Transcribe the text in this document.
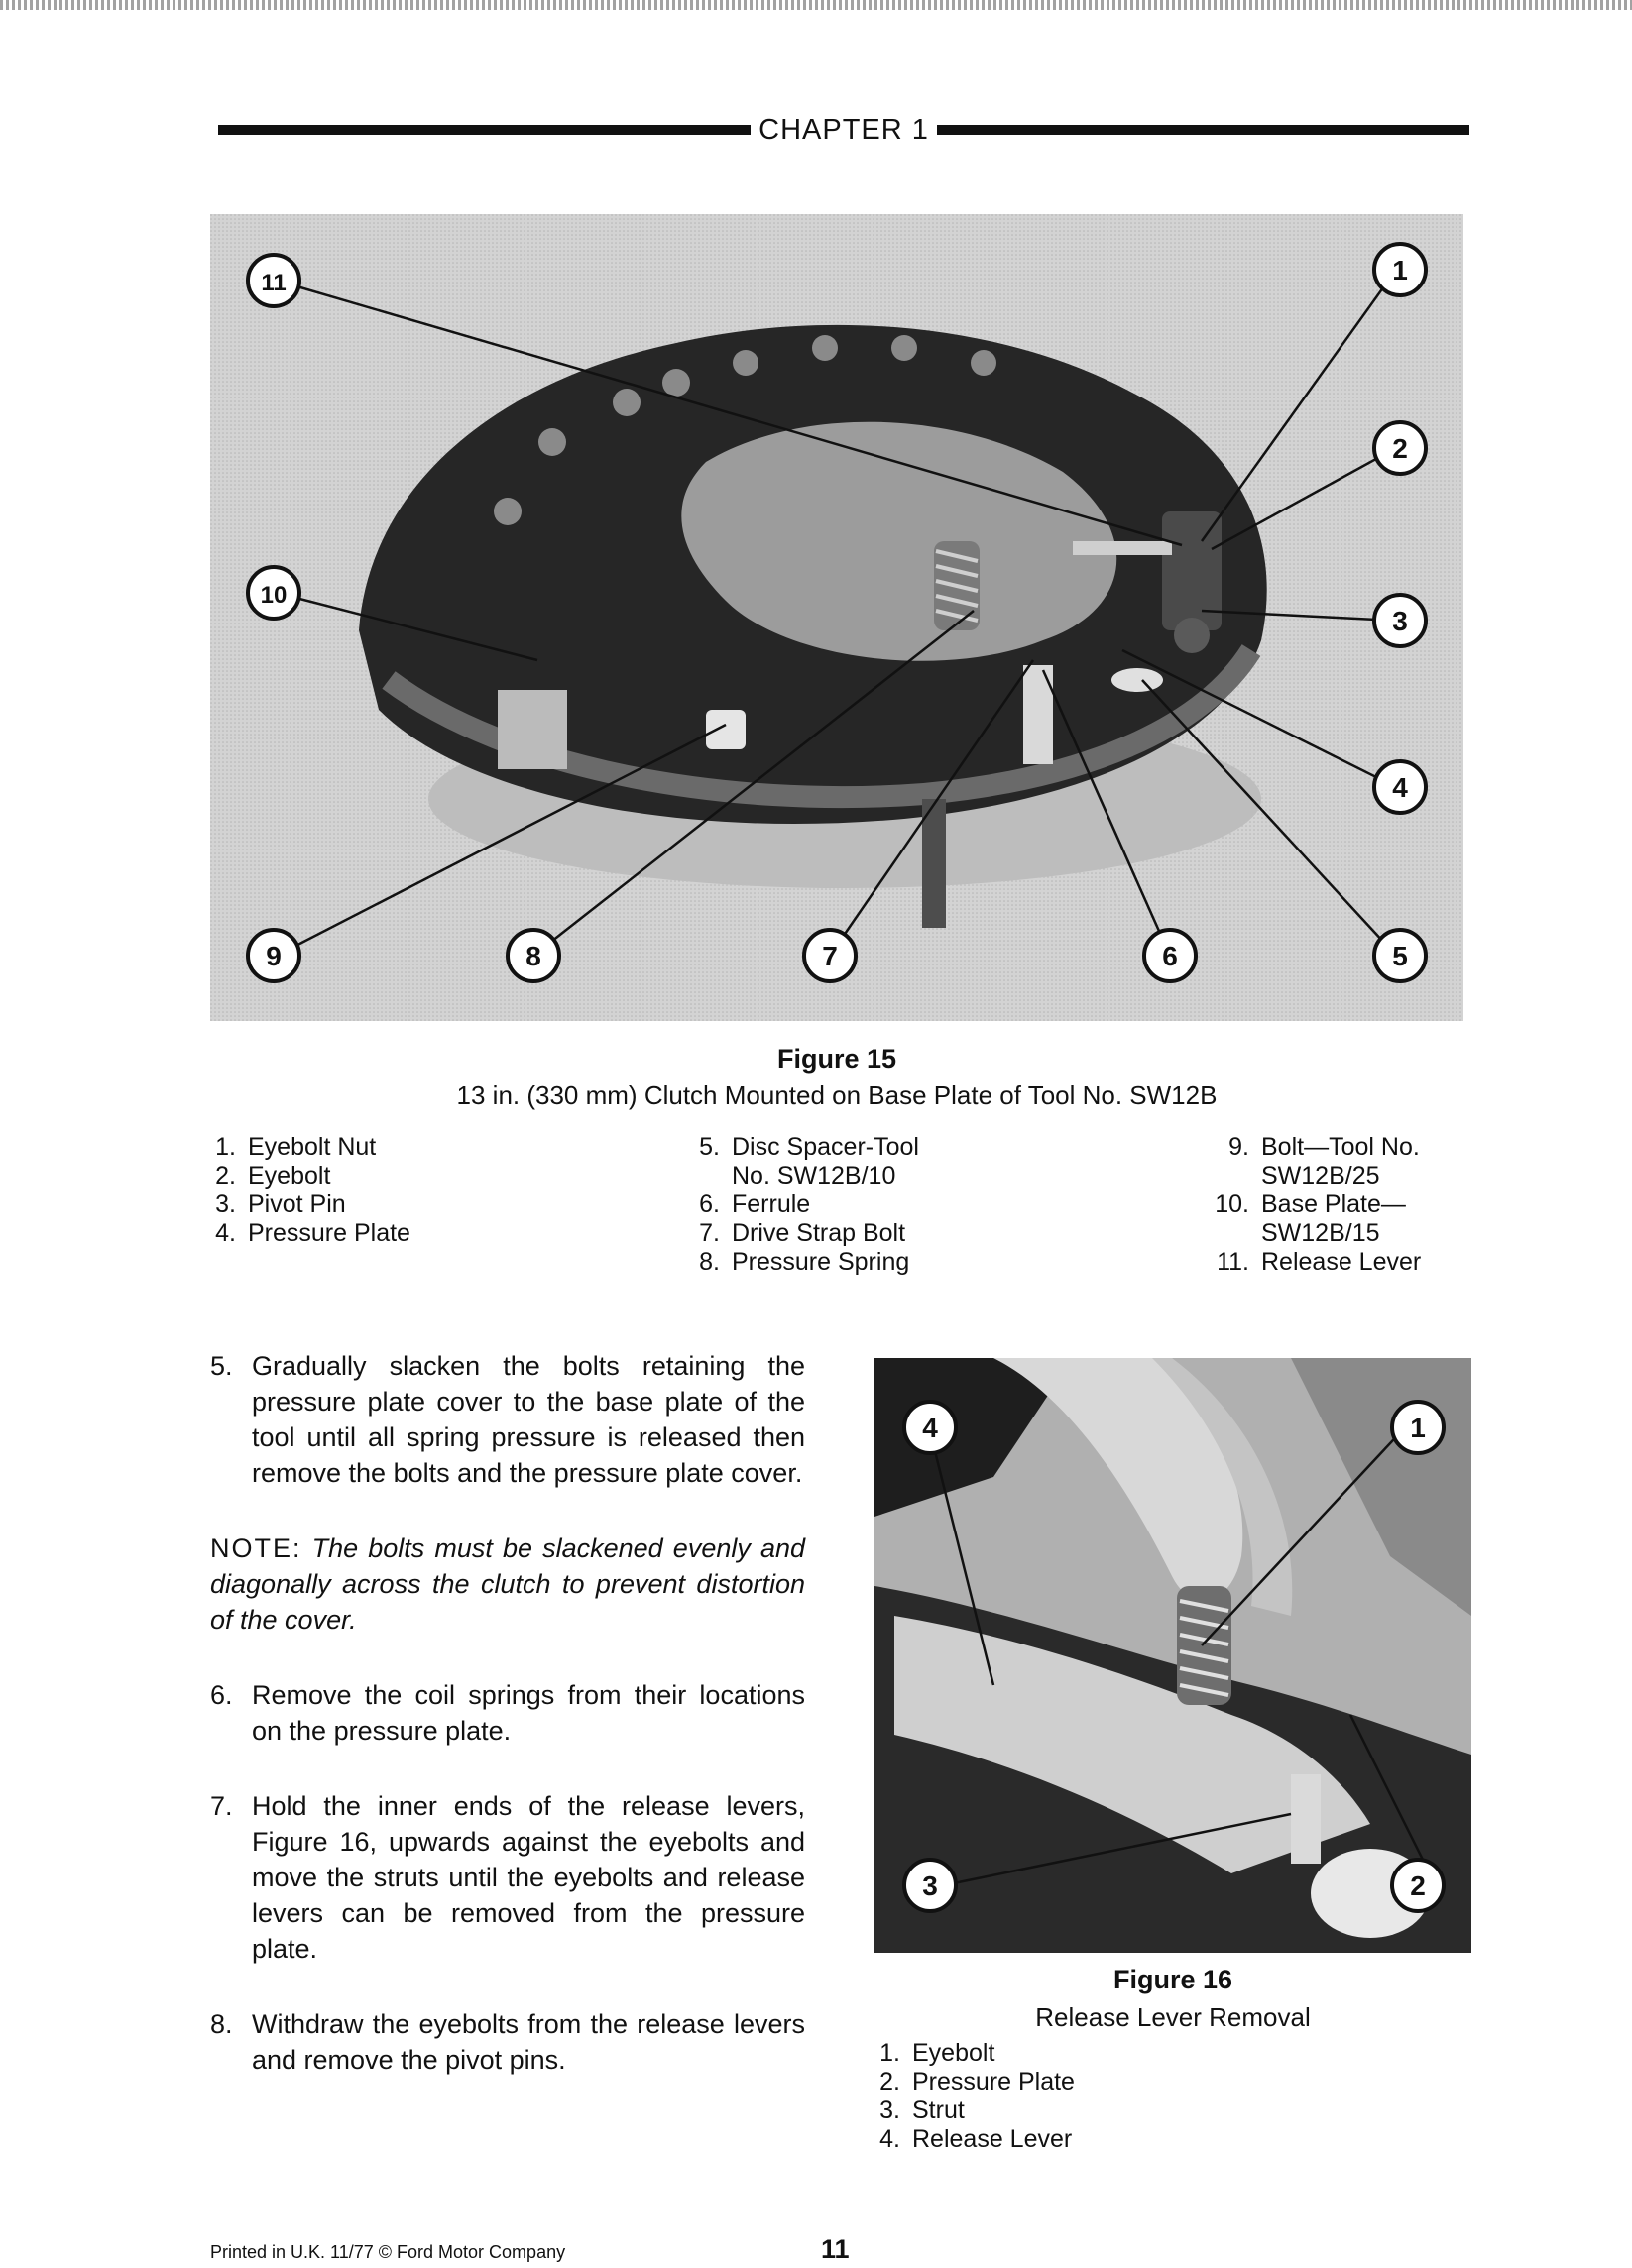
CHAPTER 1
1
2
3
4
5
6
7
8
9
10
11
Figure 15
13 in. (330 mm) Clutch Mounted on Base Plate of Tool No. SW12B
1. Eyebolt Nut
2. Eyebolt
3. Pivot Pin
4. Pressure Plate
5. Disc Spacer-Tool
No. SW12B/10
6. Ferrule
7. Drive Strap Bolt
8. Pressure Spring
9. Bolt—Tool No.
SW12B/25
10. Base Plate—
SW12B/15
11. Release Lever
5. Gradually slacken the bolts retaining the pressure plate cover to the base plate of the tool until all spring pressure is released then remove the bolts and the pressure plate cover.
NOTE: The bolts must be slackened evenly and diagonally across the clutch to prevent distortion of the cover.
6. Remove the coil springs from their locations on the pressure plate.
7. Hold the inner ends of the release levers, Figure 16, upwards against the eyebolts and move the struts until the eyebolts and release levers can be removed from the pressure plate.
8. Withdraw the eyebolts from the release levers and remove the pivot pins.
1
2
3
4
Figure 16
Release Lever Removal
1. Eyebolt
2. Pressure Plate
3. Strut
4. Release Lever
Printed in U.K. 11/77 © Ford Motor Company	11
